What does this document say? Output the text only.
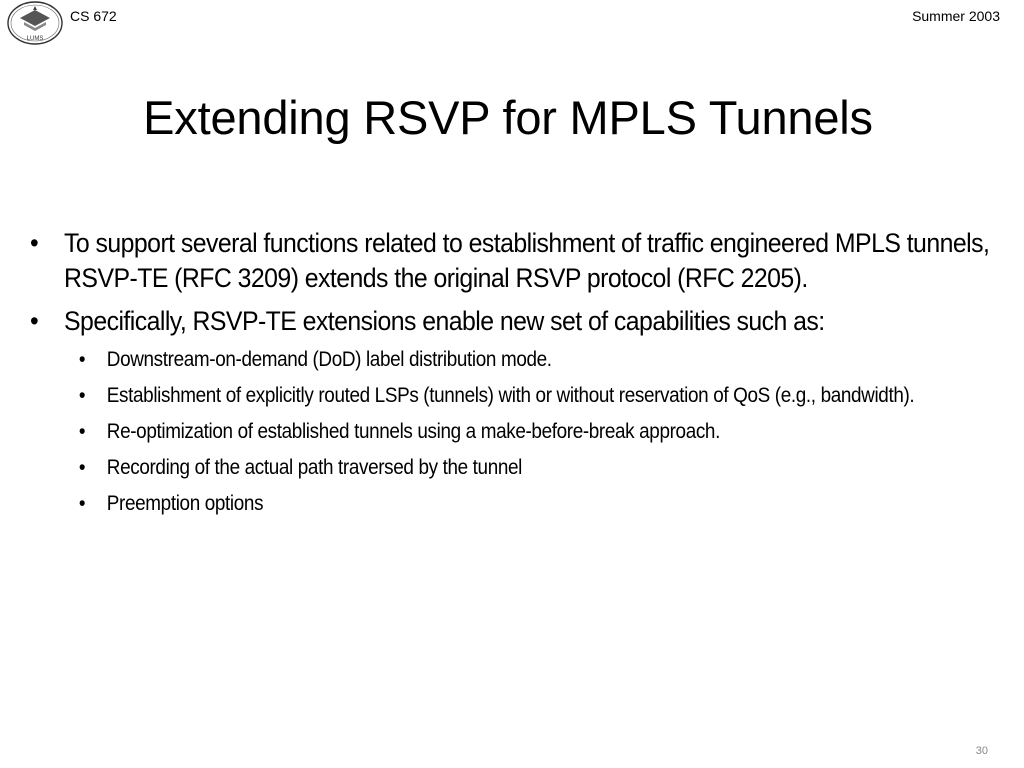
LUMS
CS 672	Summer 2003
Extending RSVP for MPLS Tunnels
• To support several functions related to establishment of traffic engineered MPLS tunnels, RSVP-TE (RFC 3209) extends the original RSVP protocol (RFC 2205).
• Specifically, RSVP-TE extensions enable new set of capabilities such as:
• Downstream-on-demand (DoD) label distribution mode.
• Establishment of explicitly routed LSPs (tunnels) with or without reservation of QoS (e.g., bandwidth).
• Re-optimization of established tunnels using a make-before-break approach.
• Recording of the actual path traversed by the tunnel
• Preemption options
30
